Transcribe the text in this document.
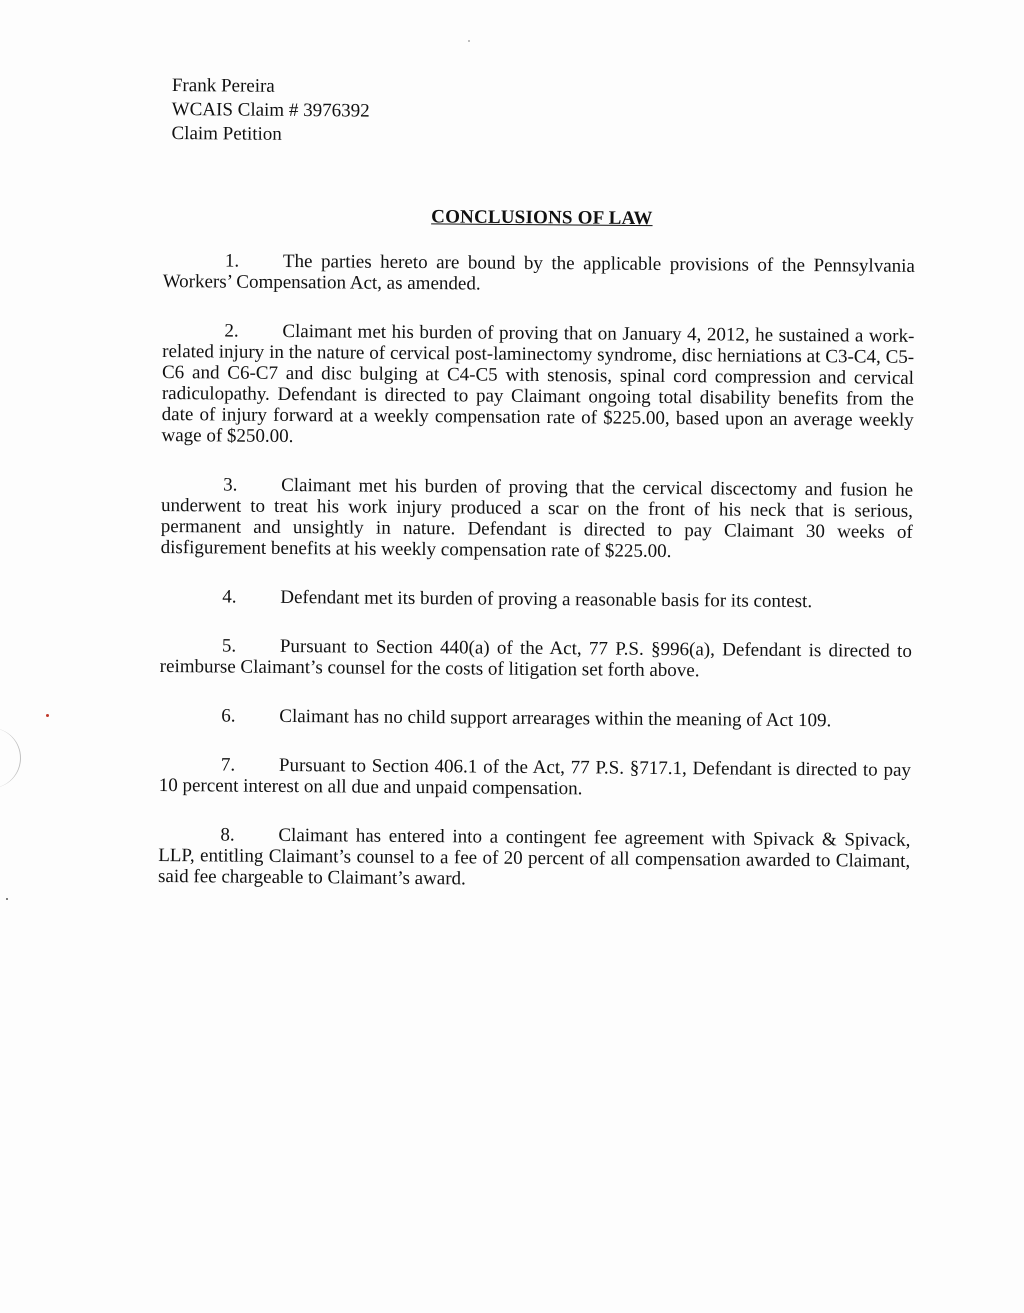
Frank Pereira
WCAIS Claim # 3976392
Claim Petition
CONCLUSIONS OF LAW

1. The parties hereto are bound by the applicable provisions of the Pennsylvania Workers’ Compensation Act, as amended.

2. Claimant met his burden of proving that on January 4, 2012, he sustained a work-related injury in the nature of cervical post-laminectomy syndrome, disc herniations at C3-C4, C5-C6 and C6-C7 and disc bulging at C4-C5 with stenosis, spinal cord compression and cervical radiculopathy. Defendant is directed to pay Claimant ongoing total disability benefits from the date of injury forward at a weekly compensation rate of $225.00, based upon an average weekly wage of $250.00.

3. Claimant met his burden of proving that the cervical discectomy and fusion he underwent to treat his work injury produced a scar on the front of his neck that is serious, permanent and unsightly in nature. Defendant is directed to pay Claimant 30 weeks of disfigurement benefits at his weekly compensation rate of $225.00.

4. Defendant met its burden of proving a reasonable basis for its contest.

5. Pursuant to Section 440(a) of the Act, 77 P.S. §996(a), Defendant is directed to reimburse Claimant’s counsel for the costs of litigation set forth above.

6. Claimant has no child support arrearages within the meaning of Act 109.

7. Pursuant to Section 406.1 of the Act, 77 P.S. §717.1, Defendant is directed to pay 10 percent interest on all due and unpaid compensation.

8. Claimant has entered into a contingent fee agreement with Spivack & Spivack, LLP, entitling Claimant’s counsel to a fee of 20 percent of all compensation awarded to Claimant, said fee chargeable to Claimant’s award.
